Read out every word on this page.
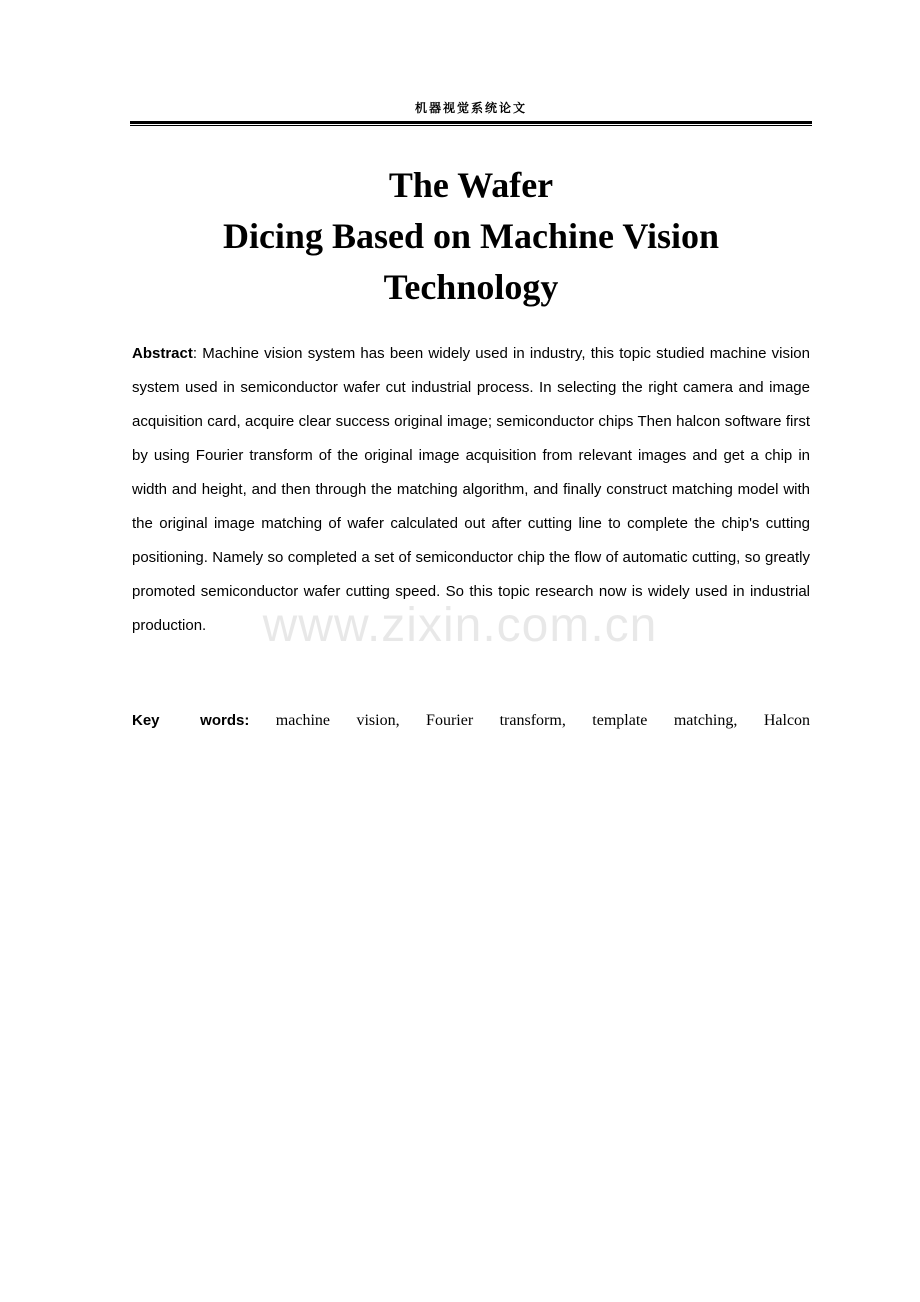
机器视觉系统论文
The Wafer
Dicing Based on Machine Vision
Technology

Abstract: Machine vision system has been widely used in industry, this topic studied machine vision system used in semiconductor wafer cut industrial process. In selecting the right camera and image acquisition card, acquire clear success original image; semiconductor chips Then halcon software first by using Fourier transform of the original image acquisition from relevant images and get a chip in width and height, and then through the matching algorithm, and finally construct matching model with the original image matching of wafer calculated out after cutting line to complete the chip's cutting positioning. Namely so completed a set of semiconductor chip the flow of automatic cutting, so greatly promoted semiconductor wafer cutting speed. So this topic research now is widely used in industrial production.

Key words: machine vision, Fourier transform, template matching, Halcon

www.zixin.com.cn
